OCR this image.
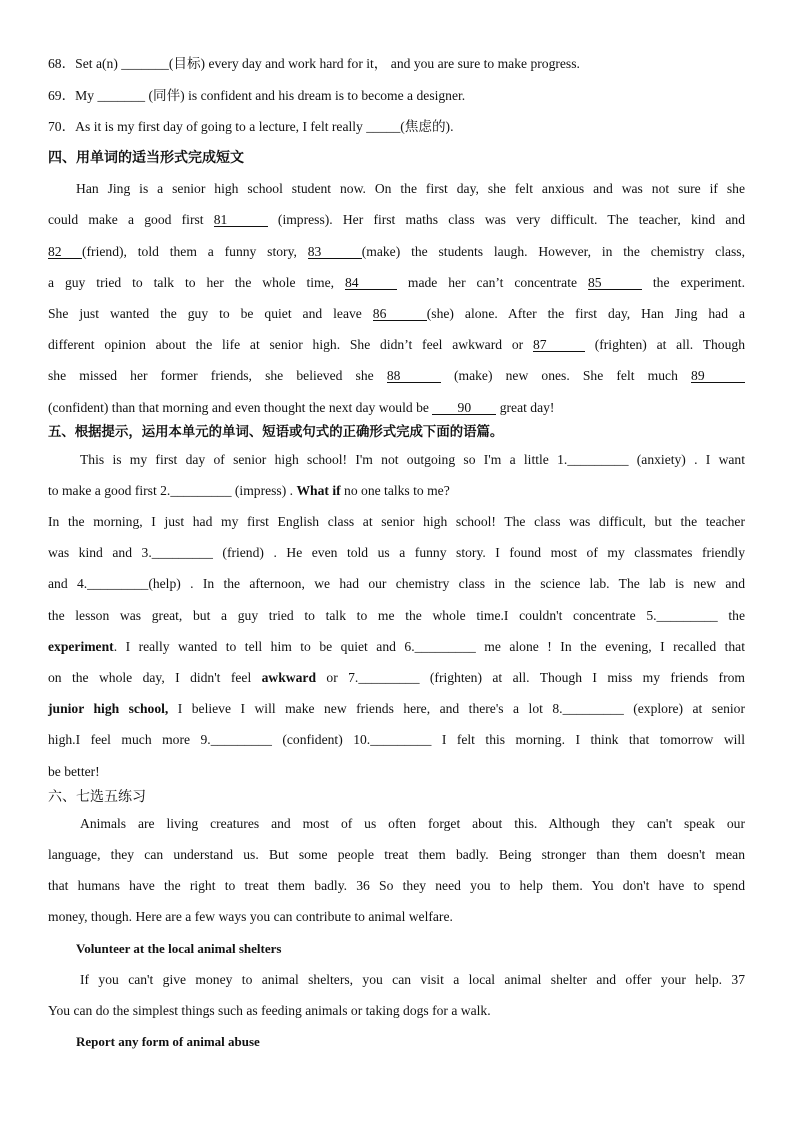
68．Set a(n) _______(目标) every day and work hard for it， and you are sure to make progress.
69．My _______ (同伴) is confident and his dream is to become a designer.
70．As it is my first day of going to a lecture, I felt really _____(焦虑的).
四、用单词的适当形式完成短文
Han Jing is a senior high school student now. On the first day, she felt anxious and was not sure if she
could make a good first 81	(impress). Her first maths class was very difficult. The teacher, kind and
82 (friend), told them a funny story, 83	(make) the students laugh. However, in the chemistry class,
a guy tried to talk to her the whole time, 84	made her can’t concentrate 85	the experiment.
She just wanted the guy to be quiet and leave 86	(she) alone. After the first day, Han Jing had a
different opinion about the life at senior high. She didn’t feel awkward or 87	(frighten) at all. Though
she missed her former friends, she believed she 88	(make) new ones. She felt much 89
(confident) than that morning and even thought the next day would be 90 great day!
五、根据提示，运用本单元的单词、短语或句式的正确形式完成下面的语篇。
This is my first day of senior high school! I'm not outgoing so I'm a little 1._________ (anxiety) . I want
to make a good first 2._________ (impress) . What if no one talks to me?
In the morning, I just had my first English class at senior high school! The class was difficult, but the teacher
was kind and 3._________ (friend) . He even told us a funny story. I found most of my classmates friendly
and 4._________(help) . In the afternoon, we had our chemistry class in the science lab. The lab is new and
the lesson was great, but a guy tried to talk to me the whole time.I couldn't concentrate 5._________ the
experiment. I really wanted to tell him to be quiet and 6._________ me alone ! In the evening, I recalled that
on the whole day, I didn't feel awkward or 7._________ (frighten) at all. Though I miss my friends from
junior high school, I believe I will make new friends here, and there's a lot 8._________ (explore) at senior
high.I feel much more 9._________ (confident) 10._________ I felt this morning. I think that tomorrow will
be better!
六、七选五练习
Animals are living creatures and most of us often forget about this. Although they can't speak our
language, they can understand us. But some people treat them badly. Being stronger than them doesn't mean
that humans have the right to treat them badly. 36 So they need you to help them. You don't have to spend
money, though. Here are a few ways you can contribute to animal welfare.
Volunteer at the local animal shelters
If you can't give money to animal shelters, you can visit a local animal shelter and offer your help. 37
You can do the simplest things such as feeding animals or taking dogs for a walk.
Report any form of animal abuse
